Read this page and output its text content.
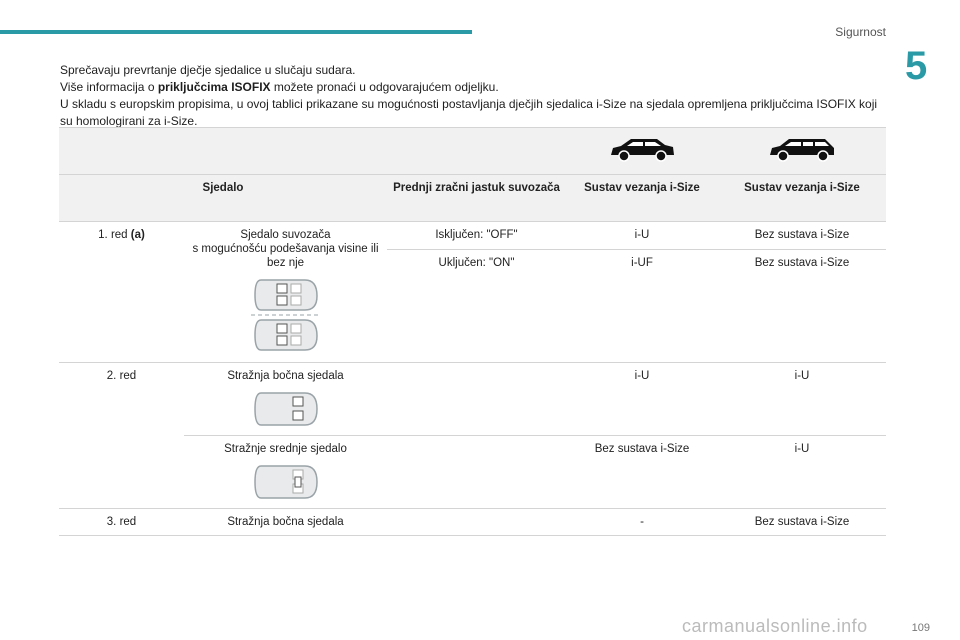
Sigurnost
5

Sprečavaju prevrtanje dječje sjedalice u slučaju sudara.

Više informacija o priključcima ISOFIX možete pronaći u odgovarajućem odjeljku.

U skladu s europskim propisima, u ovoj tablici prikazane su mogućnosti postavljanja dječjih sjedalica i-Size na sjedala opremljena priključcima ISOFIX koji su homologirani za i-Size.

Sjedalo		Prednji zračni jastuk suvozača	Sustav vezanja i-Size	Sustav vezanja i-Size
1. red (a)	Sjedalo suvozača
s mogućnošću podešavanja visine ili bez nje	Isključen: "OFF"	i-U	Bez sustava i-Size
		Uključen: "ON"	i-UF	Bez sustava i-Size
2. red	Stražnja bočna sjedala		i-U	i-U

	Stražnje srednje sjedalo		Bez sustava i-Size	i-U
3. red	Stražnja bočna sjedala		-	Bez sustava i-Size
carmanualsonline.info	109
